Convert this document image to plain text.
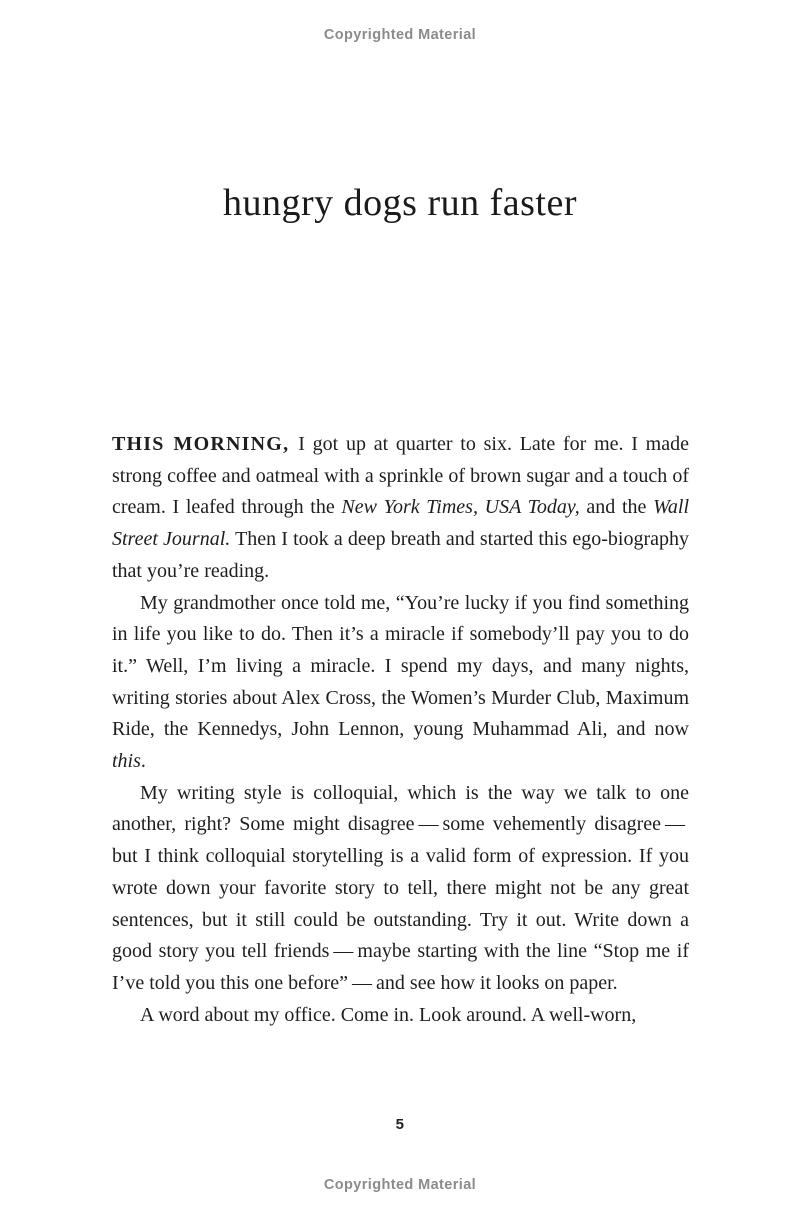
Copyrighted Material
hungry dogs run faster

THIS MORNING, I got up at quarter to six. Late for me. I made strong coffee and oatmeal with a sprinkle of brown sugar and a touch of cream. I leafed through the New York Times, USA Today, and the Wall Street Journal. Then I took a deep breath and started this ego-biography that you’re reading.

My grandmother once told me, “You’re lucky if you find something in life you like to do. Then it’s a miracle if somebody’ll pay you to do it.” Well, I’m living a miracle. I spend my days, and many nights, writing stories about Alex Cross, the Women’s Murder Club, Maximum Ride, the Kennedys, John Lennon, young Muhammad Ali, and now this.

My writing style is colloquial, which is the way we talk to one another, right? Some might disagree — some vehemently disagree — but I think colloquial storytelling is a valid form of expression. If you wrote down your favorite story to tell, there might not be any great sentences, but it still could be outstanding. Try it out. Write down a good story you tell friends — maybe starting with the line “Stop me if I’ve told you this one before” — and see how it looks on paper.

A word about my office. Come in. Look around. A well-worn,

5
Copyrighted Material
